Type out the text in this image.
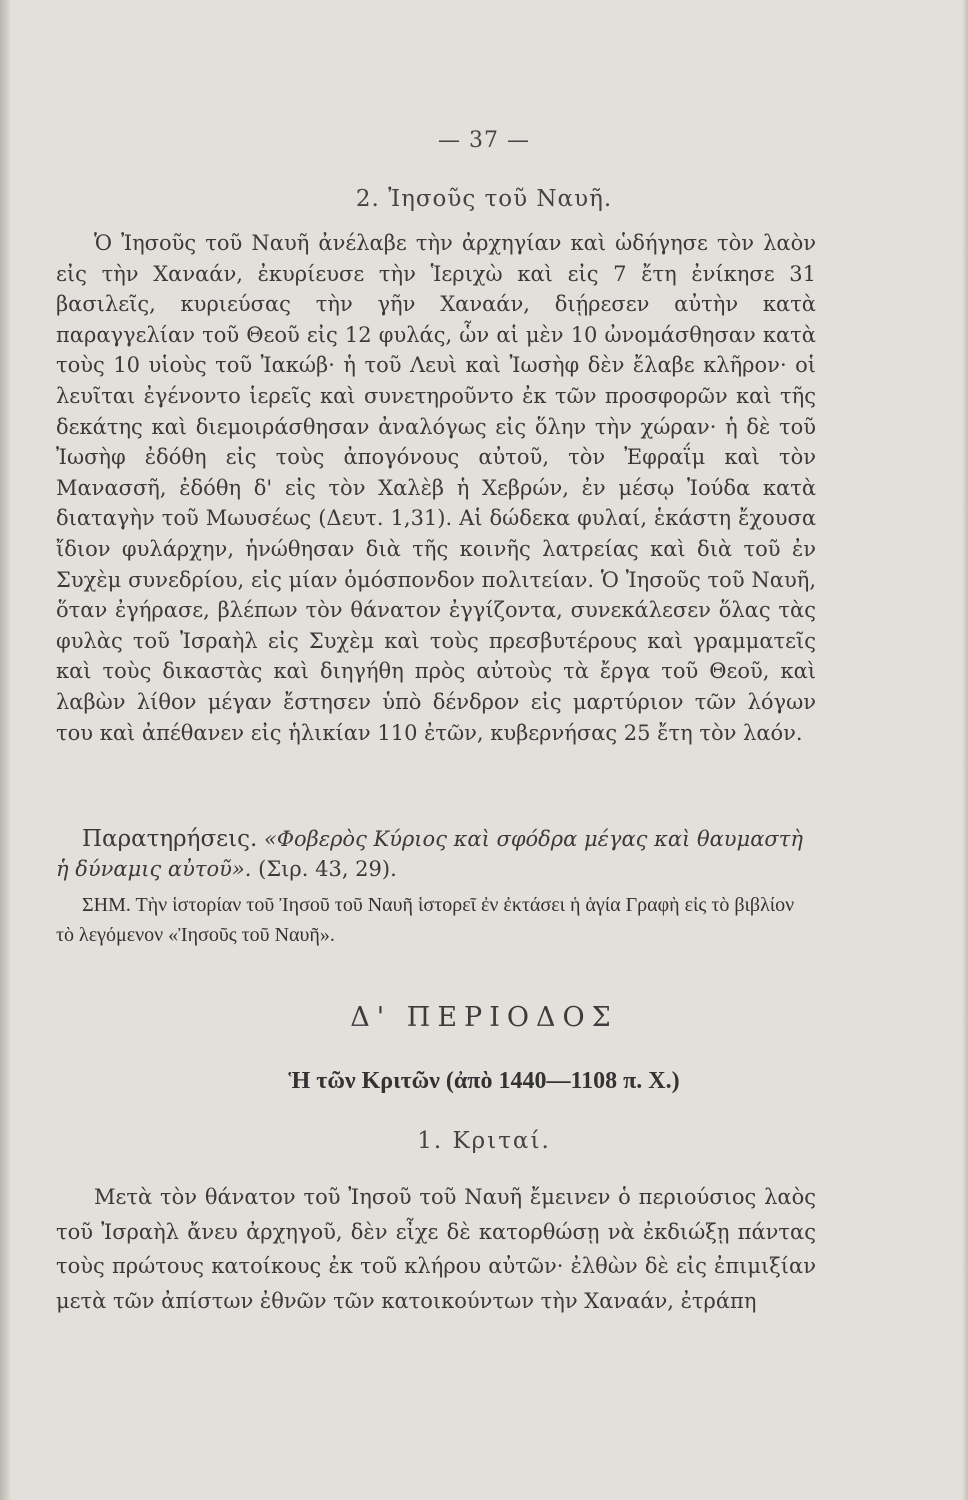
— 37 —
2. Ἰησοῦς τοῦ Ναυῆ.

Ὁ Ἰησοῦς τοῦ Ναυῆ ἀνέλαβε τὴν ἀρχηγίαν καὶ ὡδήγησε τὸν λαὸν εἰς τὴν Χαναάν, ἐκυρίευσε τὴν Ἱεριχὼ καὶ εἰς 7 ἔτη ἐνίκησε 31 βασιλεῖς, κυριεύσας τὴν γῆν Χαναάν, διῄρεσεν αὐτὴν κατὰ παραγγελίαν τοῦ Θεοῦ εἰς 12 φυλάς, ὧν αἱ μὲν 10 ὠνομάσθησαν κατὰ τοὺς 10 υἱοὺς τοῦ Ἰακώβ· ἡ τοῦ Λευὶ καὶ Ἰωσὴφ δὲν ἔλαβε κλῆρον· οἱ λευῖται ἐγένοντο ἱερεῖς καὶ συνετηροῦντο ἐκ τῶν προσφορῶν καὶ τῆς δεκάτης καὶ διεμοιράσθησαν ἀναλόγως εἰς ὅλην τὴν χώραν· ἡ δὲ τοῦ Ἰωσὴφ ἐδόθη εἰς τοὺς ἀπογόνους αὐτοῦ, τὸν Ἐφραΐμ καὶ τὸν Μανασσῆ, ἐδόθη δ' εἰς τὸν Χαλὲβ ἡ Χεβρών, ἐν μέσῳ Ἰούδα κατὰ διαταγὴν τοῦ Μωυσέως (Δευτ. 1,31). Αἱ δώδεκα φυλαί, ἑκάστη ἔχουσα ἴδιον φυλάρχην, ἡνώθησαν διὰ τῆς κοινῆς λατρείας καὶ διὰ τοῦ ἐν Συχὲμ συνεδρίου, εἰς μίαν ὁμόσπονδον πολιτείαν. Ὁ Ἰησοῦς τοῦ Ναυῆ, ὅταν ἐγήρασε, βλέπων τὸν θάνατον ἐγγίζοντα, συνεκάλεσεν ὅλας τὰς φυλὰς τοῦ Ἰσραὴλ εἰς Συχὲμ καὶ τοὺς πρεσβυτέρους καὶ γραμματεῖς καὶ τοὺς δικαστὰς καὶ διηγήθη πρὸς αὐτοὺς τὰ ἔργα τοῦ Θεοῦ, καὶ λαβὼν λίθον μέγαν ἔστησεν ὑπὸ δένδρον εἰς μαρτύριον τῶν λόγων του καὶ ἀπέθανεν εἰς ἡλικίαν 110 ἐτῶν, κυβερνήσας 25 ἔτη τὸν λαόν.

Παρατηρήσεις. «Φοβερὸς Κύριος καὶ σφόδρα μέγας καὶ θαυμαστὴ ἡ δύναμις αὐτοῦ». (Σιρ. 43, 29).

ΣΗΜ. Τὴν ἱστορίαν τοῦ Ἰησοῦ τοῦ Ναυῆ ἱστορεῖ ἐν ἐκτάσει ἡ ἁγία Γραφὴ εἰς τὸ βιβλίον τὸ λεγόμενον «Ἰησοῦς τοῦ Ναυῆ».

Δ' ΠΕΡΙΟΔΟΣ
Ἡ τῶν Κριτῶν (ἀπὸ 1440—1108 π. Χ.)
1. Κριταί.

Μετὰ τὸν θάνατον τοῦ Ἰησοῦ τοῦ Ναυῆ ἔμεινεν ὁ περιούσιος λαὸς τοῦ Ἰσραὴλ ἄνευ ἀρχηγοῦ, δὲν εἶχε δὲ κατορθώσῃ νὰ ἐκδιώξῃ πάντας τοὺς πρώτους κατοίκους ἐκ τοῦ κλήρου αὐτῶν· ἐλθὼν δὲ εἰς ἐπιμιξίαν μετὰ τῶν ἀπίστων ἐθνῶν τῶν κατοικούντων τὴν Χαναάν, ἐτράπη
